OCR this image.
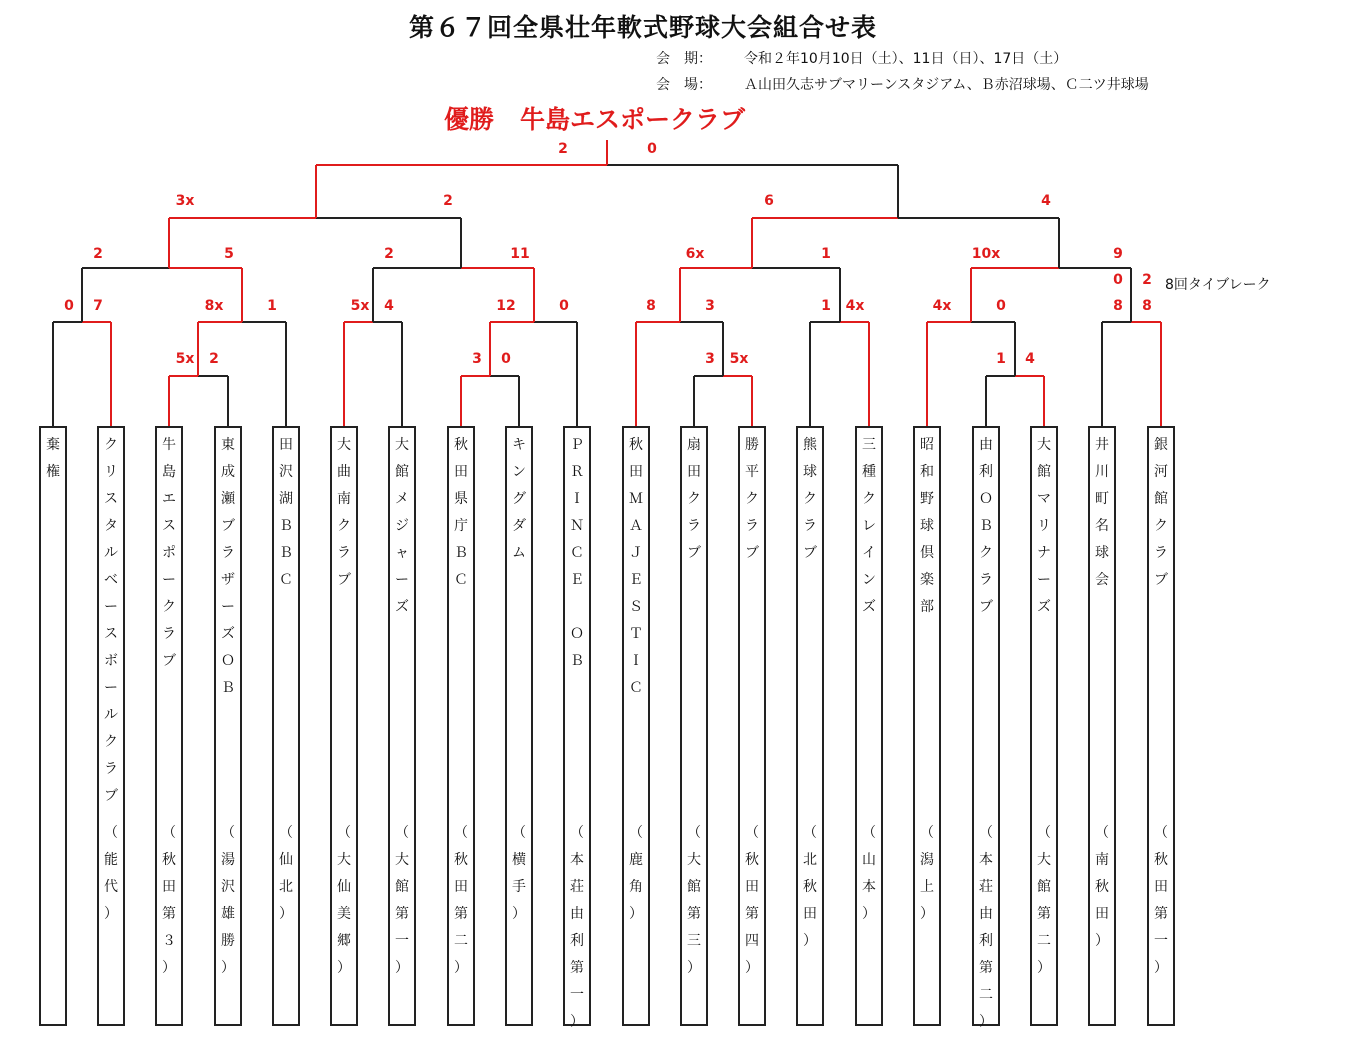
第６７回全県壮年軟式野球大会組合せ表
会　期： 令和２年10月10日（土）、11日（日）、17日（土）
会　場： Ａ山田久志サブマリーンスタジアム、Ｂ赤沼球場、Ｃ二ツ井球場
優勝 牛島エスポークラブ
2	0
3x	2	6	4
2	5	2	11	6x	1	10x	9
0 2
0 7	8x	1	5x 4	12	0	8	3	1 4x	4x	0	8 8
5x 2	3 0	3 5x	1 4
8回タイブレーク
棄
権
ク
リ
ス
タ
ル
ベ
ー
ス
ボ
ー
ル
ク
ラ
ブ
（
能
代
）
牛
島
エ
ス
ポ
ー
ク
ラ
ブ
（
秋
田
第
３
）
東
成
瀬
ブ
ラ
ザ
ー
ズ
Ｏ
Ｂ
（
湯
沢
雄
勝
）
田
沢
湖
Ｂ
Ｂ
Ｃ
（
仙
北
）
大
曲
南
ク
ラ
ブ
（
大
仙
美
郷
）
大
館
メ
ジ
ャ
ー
ズ
（
大
館
第
一
）
秋
田
県
庁
Ｂ
Ｃ
（
秋
田
第
二
）
キ
ン
グ
ダ
ム
（
横
手
）
Ｐ
Ｒ
Ｉ
Ｎ
Ｃ
Ｅ

Ｏ
Ｂ
（
本
荘
由
利
第
一
）
秋
田
Ｍ
Ａ
Ｊ
Ｅ
Ｓ
Ｔ
Ｉ
Ｃ
（
鹿
角
）
扇
田
ク
ラ
ブ
（
大
館
第
三
）
勝
平
ク
ラ
ブ
（
秋
田
第
四
）
熊
球
ク
ラ
ブ
（
北
秋
田
）
三
種
ク
レ
イ
ン
ズ
（
山
本
）
昭
和
野
球
倶
楽
部
（
潟
上
）
由
利
Ｏ
Ｂ
ク
ラ
ブ
（
本
荘
由
利
第
二
）
大
館
マ
リ
ナ
ー
ズ
（
大
館
第
二
）
井
川
町
名
球
会
（
南
秋
田
）
銀
河
館
ク
ラ
ブ
（
秋
田
第
一
）
